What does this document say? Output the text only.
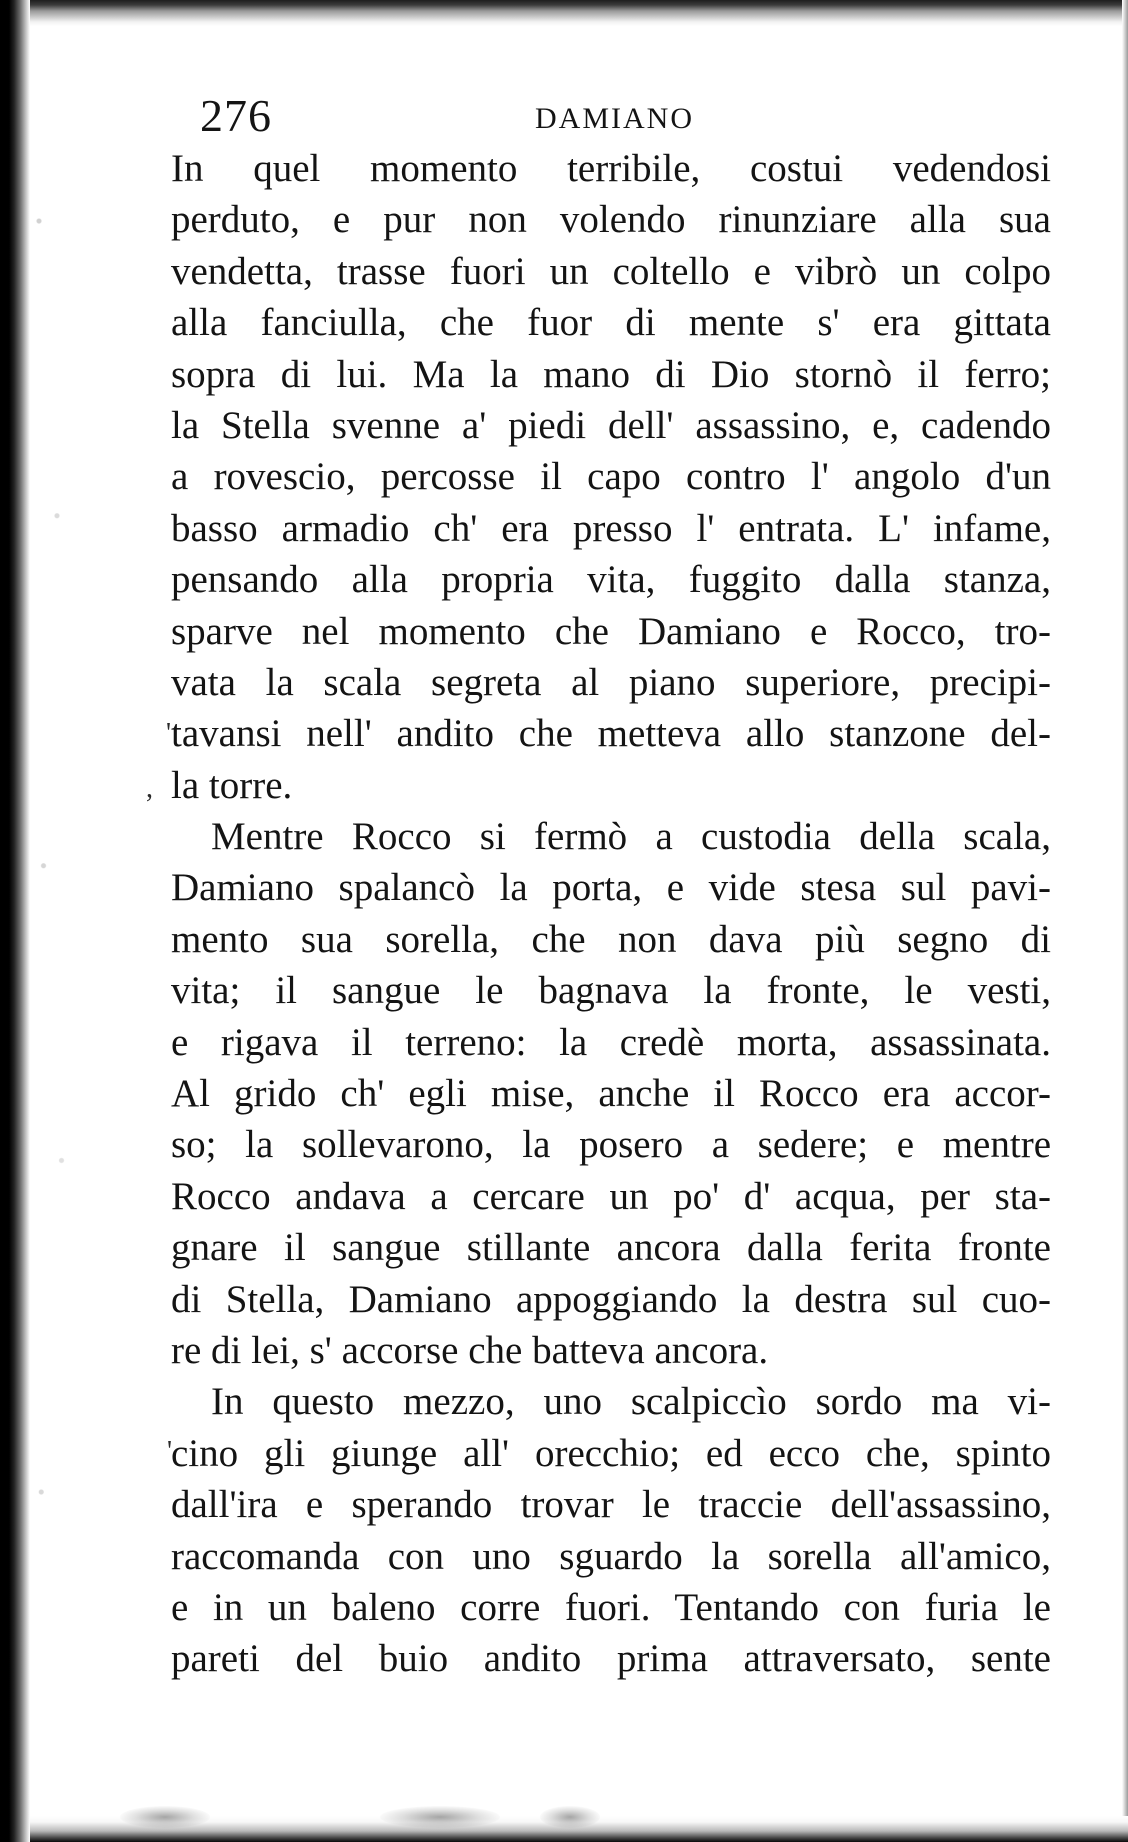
276	DAMIANO
'
,
'
In quel momento terribile, costui vedendosi
perduto, e pur non volendo rinunziare alla sua
vendetta, trasse fuori un coltello e vibrò un colpo
alla fanciulla, che fuor di mente s' era gittata
sopra di lui. Ma la mano di Dio stornò il ferro;
la Stella svenne a' piedi dell' assassino, e, cadendo
a rovescio, percosse il capo contro l' angolo d'un
basso armadio ch' era presso l' entrata. L' infame,
pensando alla propria vita, fuggito dalla stanza,
sparve nel momento che Damiano e Rocco, tro-
vata la scala segreta al piano superiore, precipi-
tavansi nell' andito che metteva allo stanzone del-
la torre.
Mentre Rocco si fermò a custodia della scala,
Damiano spalancò la porta, e vide stesa sul pavi-
mento sua sorella, che non dava più segno di
vita; il sangue le bagnava la fronte, le vesti,
e rigava il terreno: la credè morta, assassinata.
Al grido ch' egli mise, anche il Rocco era accor-
so; la sollevarono, la posero a sedere; e mentre
Rocco andava a cercare un po' d' acqua, per sta-
gnare il sangue stillante ancora dalla ferita fronte
di Stella, Damiano appoggiando la destra sul cuo-
re di lei, s' accorse che batteva ancora.
In questo mezzo, uno scalpiccìo sordo ma vi-
cino gli giunge all' orecchio; ed ecco che, spinto
dall'ira e sperando trovar le traccie dell'assassino,
raccomanda con uno sguardo la sorella all'amico,
e in un baleno corre fuori. Tentando con furia le
pareti del buio andito prima attraversato, sente
